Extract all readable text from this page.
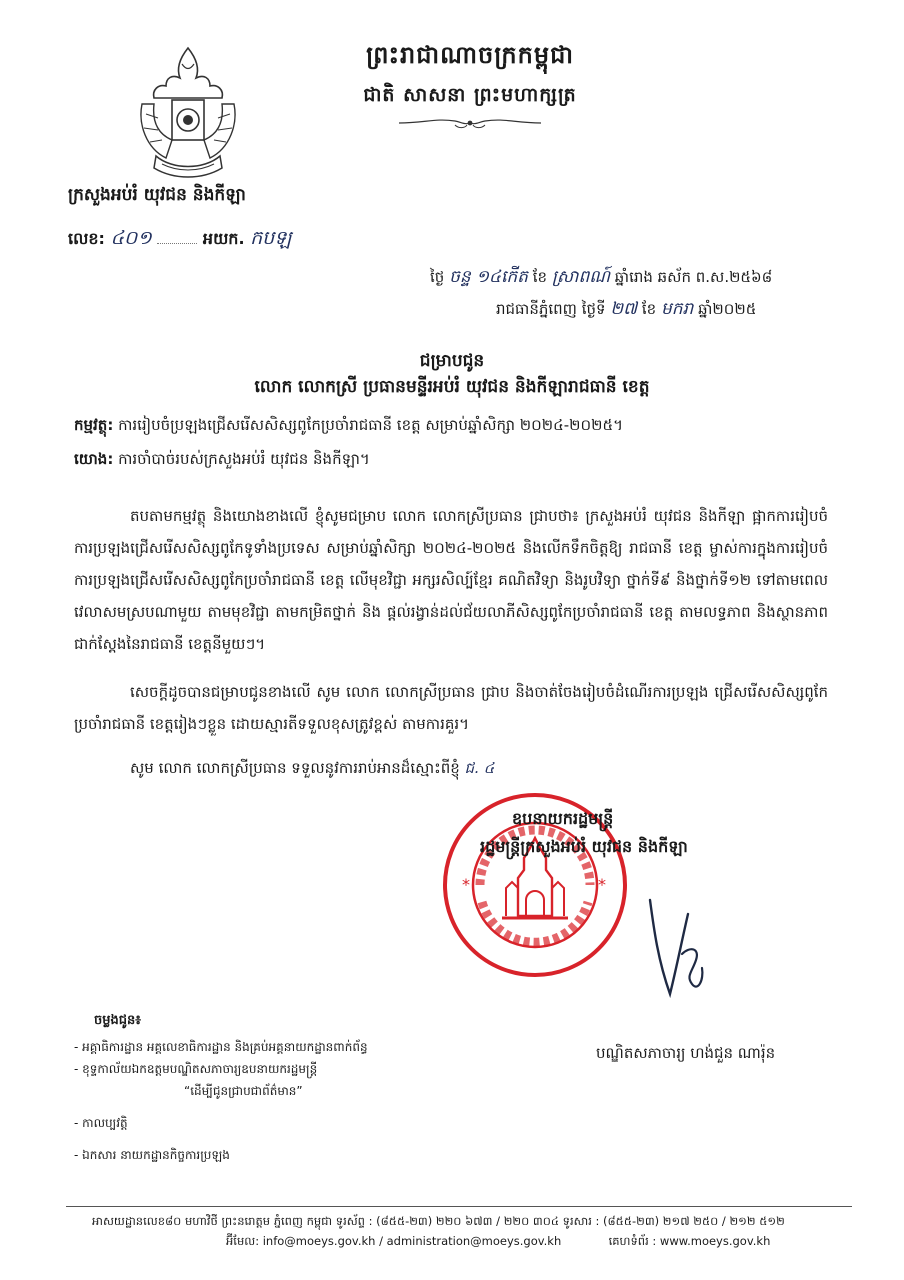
ព្រះរាជាណាចក្រកម្ពុជា
ជាតិ សាសនា ព្រះមហាក្សត្រ
ក្រសួងអប់រំ យុវជន និងកីឡា
លេខ: ៤០១	អយក. កបឡ
ថ្ងៃ ចន្ទ ១៤កើត ខែ ស្រាពណ៍ ឆ្នាំរោង ឆស័ក ព.ស.២៥៦៨
រាជធានីភ្នំពេញ ថ្ងៃទី ២៧ ខែ មករា ឆ្នាំ២០២៥
ជម្រាបជូន
លោក លោកស្រី ប្រធានមន្ទីរអប់រំ យុវជន និងកីឡារាជធានី ខេត្ត
កម្មវត្ថុ: ការរៀបចំប្រឡងជ្រើសរើសសិស្សពូកែប្រចាំរាជធានី ខេត្ត សម្រាប់ឆ្នាំសិក្សា ២០២៤-២០២៥។
យោង: ការចាំបាច់របស់ក្រសួងអប់រំ យុវជន និងកីឡា។
តបតាមកម្មវត្ថុ និងយោងខាងលើ ខ្ញុំសូមជម្រាប លោក លោកស្រីប្រធាន ជ្រាបថា៖ ក្រសួងអប់រំ យុវជន និងកីឡា ផ្អាកការរៀបចំការប្រឡងជ្រើសរើសសិស្សពូកែទូទាំងប្រទេស សម្រាប់ឆ្នាំសិក្សា ២០២៤-២០២៥ និងលើកទឹកចិត្តឱ្យ រាជធានី ខេត្ត ម្ចាស់ការក្នុងការរៀបចំការប្រឡងជ្រើសរើសសិស្សពូកែប្រចាំរាជធានី ខេត្ត លើមុខវិជ្ជា អក្សរសិល្ប៍ខ្មែរ គណិតវិទ្យា និងរូបវិទ្យា ថ្នាក់ទី៩ និងថ្នាក់ទី១២ ទៅតាមពេលវេលាសមស្របណាមួយ តាមមុខវិជ្ជា តាមកម្រិតថ្នាក់ និង ផ្តល់រង្វាន់ដល់ជ័យលាភីសិស្សពូកែប្រចាំរាជធានី ខេត្ត តាមលទ្ធភាព និងស្ថានភាពជាក់ស្តែងនៃរាជធានី ខេត្តនីមួយៗ។
សេចក្តីដូចបានជម្រាបជូនខាងលើ សូម លោក លោកស្រីប្រធាន ជ្រាប និងចាត់ចែងរៀបចំដំណើរការប្រឡង ជ្រើសរើសសិស្សពូកែប្រចាំរាជធានី ខេត្តរៀងៗខ្លួន ដោយស្មារតីទទួលខុសត្រូវខ្ពស់ តាមការគួរ។
សូម លោក លោកស្រីប្រធាន ទទួលនូវការរាប់អានដ៏ស្មោះពីខ្ញុំ ជ. ៤
*	*
ឧបនាយករដ្ឋមន្ត្រី
រដ្ឋមន្ត្រីក្រសួងអប់រំ យុវជន និងកីឡា
បណ្ឌិតសភាចារ្យ ហង់ជួន ណារ៉ុន
ចម្លងជូន៖
- អគ្គាធិការដ្ឋាន អគ្គលេខាធិការដ្ឋាន និងគ្រប់អគ្គនាយកដ្ឋានពាក់ព័ន្ធ
- ខុទ្ទកាល័យឯកឧត្តមបណ្ឌិតសភាចារ្យឧបនាយករដ្ឋមន្ត្រី
“ដើម្បីជូនជ្រាបជាព័ត៌មាន”
- កាលប្បវត្តិ
- ឯកសារ នាយកដ្ឋានកិច្ចការប្រឡង
អាសយដ្ឋានលេខ៨០ មហាវិថី ព្រះនរោត្តម ភ្នំពេញ កម្ពុជា ទូរស័ព្ទ : (៨៥៥-២៣) ២២០ ៦៧៣ / ២២០ ៣០៤ ទូរសារ : (៨៥៥-២៣) ២១៧ ២៥០ / ២១២ ៥១២
អ៊ីមែល: info@moeys.gov.kh / administration@moeys.gov.kh	គេហទំព័រ : www.moeys.gov.kh
